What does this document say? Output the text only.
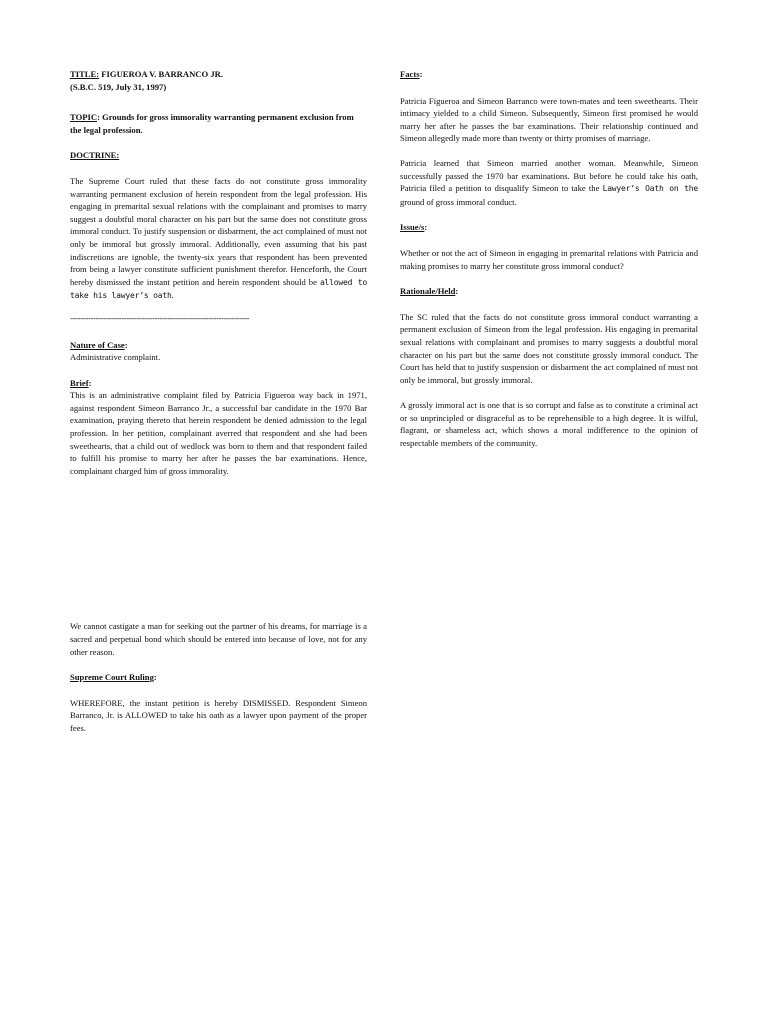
TITLE: FIGUEROA V. BARRANCO JR.

(S.B.C. 519, July 31, 1997)

TOPIC: Grounds for gross immorality warranting permanent exclusion from the legal profession.

DOCTRINE:

The Supreme Court ruled that these facts do not constitute gross immorality warranting permanent exclusion of herein respondent from the legal profession. His engaging in premarital sexual relations with the complainant and promises to marry suggest a doubtful moral character on his part but the same does not constitute gross immoral conduct. To justify suspension or disbarment, the act complained of must not only be immoral but grossly immoral. Additionally, even assuming that his past indiscretions are ignoble, the twenty-six years that respondent has been prevented from being a lawyer constitute sufficient punishment therefor. Henceforth, the Court hereby dismissed the instant petition and herein respondent should be allowed to take his lawyer’s oath.

----------------------------------------------------------------------

Nature of Case:

Administrative complaint.

Brief:

This is an administrative complaint filed by Patricia Figueroa way back in 1971, against respondent Simeon Barranco Jr., a successful bar candidate in the 1970 Bar examination, praying thereto that herein respondent be denied admission to the legal profession. In her petition, complainant averred that respondent and she had been sweethearts, that a child out of wedlock was born to them and that respondent failed to fulfill his promise to marry her after he passes the bar examinations. Hence, complainant charged him of gross immorality.

We cannot castigate a man for seeking out the partner of his dreams, for marriage is a sacred and perpetual bond which should be entered into because of love, not for any other reason.

Supreme Court Ruling:

WHEREFORE, the instant petition is hereby DISMISSED. Respondent Simeon Barranco, Jr. is ALLOWED to take his oath as a lawyer upon payment of the proper fees.

Facts:

Patricia Figueroa and Simeon Barranco were town-mates and teen sweethearts. Their intimacy yielded to a child Simeon. Subsequently, Simeon first promised he would marry her after he passes the bar examinations. Their relationship continued and Simeon allegedly made more than twenty or thirty promises of marriage.

Patricia learned that Simeon married another woman. Meanwhile, Simeon successfully passed the 1970 bar examinations. But before he could take his oath, Patricia filed a petition to disqualify Simeon to take the Lawyer’s Oath on the ground of gross immoral conduct.

Issue/s:

Whether or not the act of Simeon in engaging in premarital relations with Patricia and making promises to marry her constitute gross immoral conduct?

Rationale/Held:

The SC ruled that the facts do not constitute gross immoral conduct warranting a permanent exclusion of Simeon from the legal profession. His engaging in premarital sexual relations with complainant and promises to marry suggests a doubtful moral character on his part but the same does not constitute grossly immoral conduct. The Court has held that to justify suspension or disbarment the act complained of must not only be immoral, but grossly immoral.

A grossly immoral act is one that is so corrupt and false as to constitute a criminal act or so unprincipled or disgraceful as to be reprehensible to a high degree. It is wilful, flagrant, or shameless act, which shows a moral indifference to the opinion of respectable members of the community.
